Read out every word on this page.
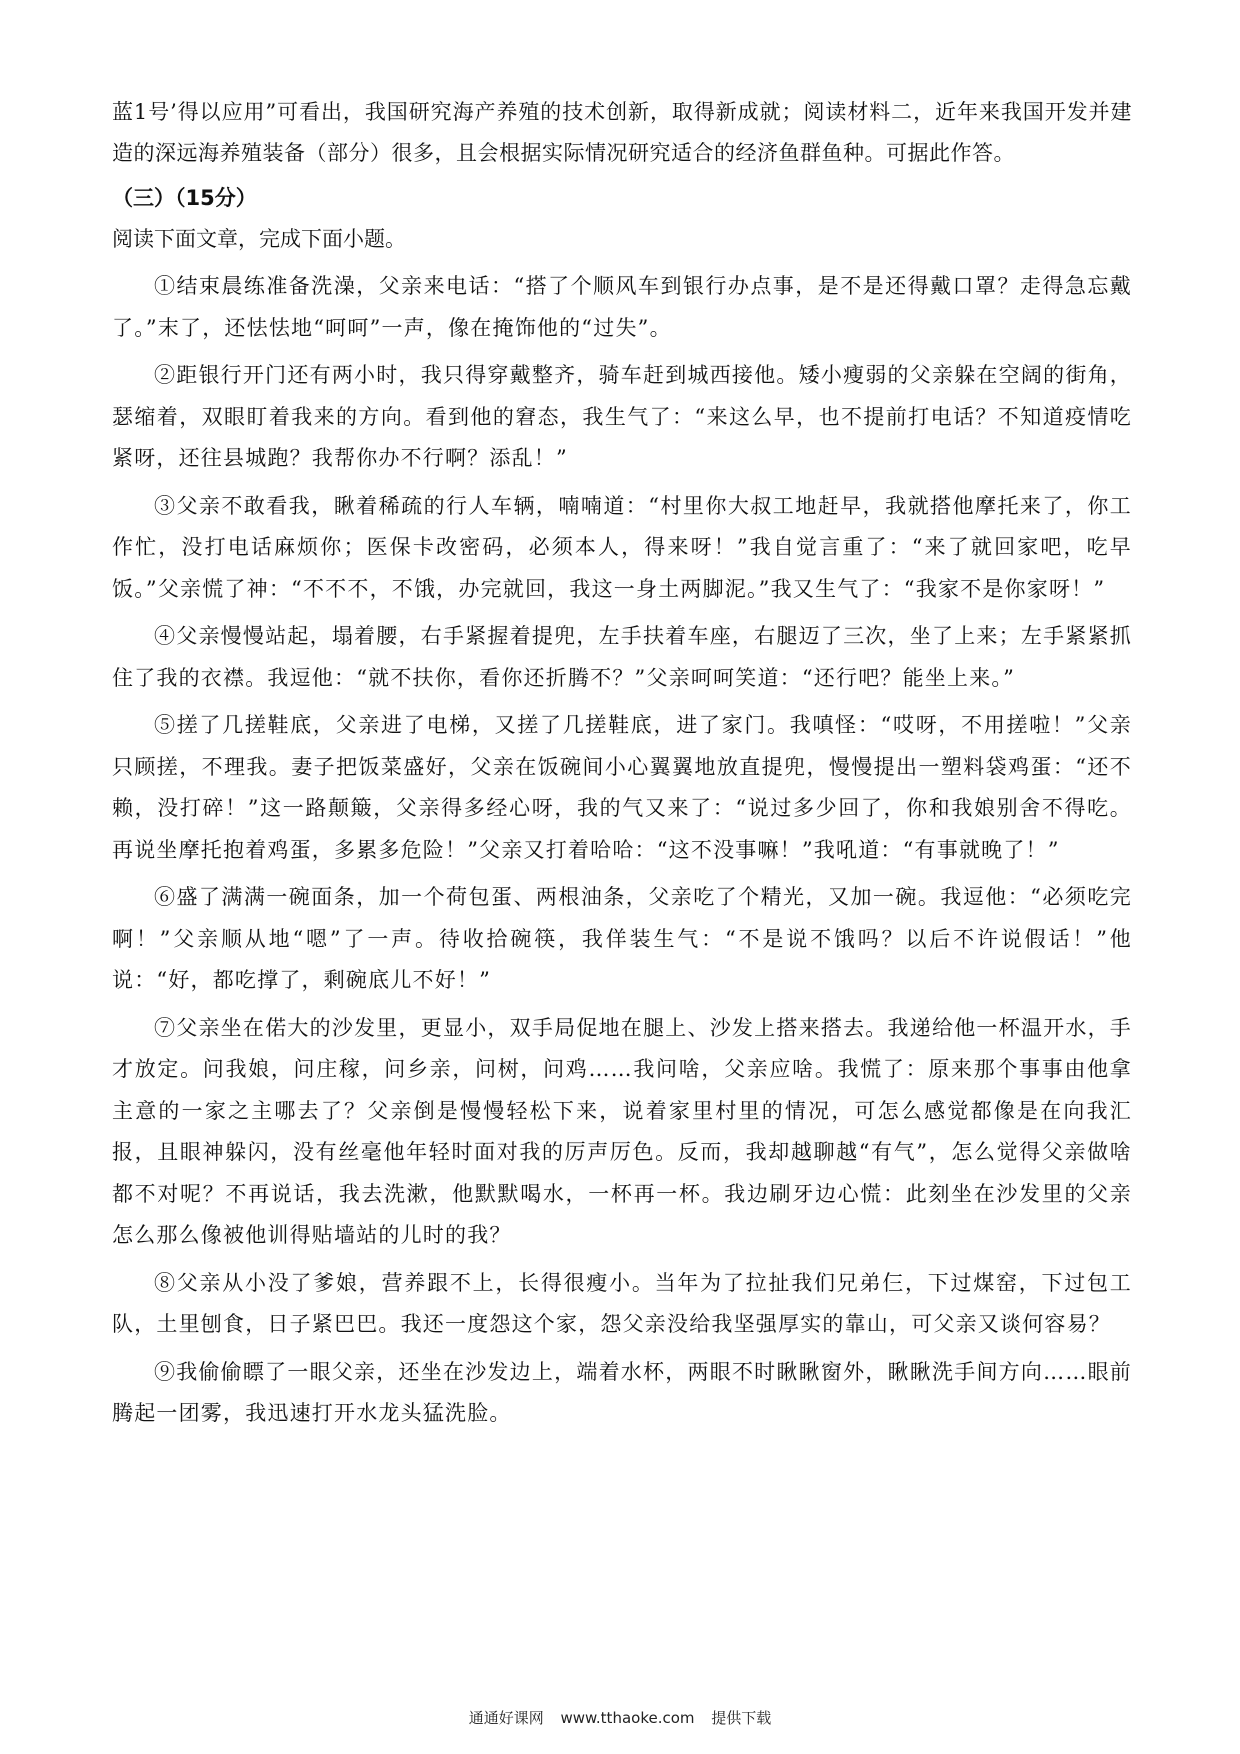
蓝1号’得以应用”可看出，我国研究海产养殖的技术创新，取得新成就；阅读材料二，近年来我国开发并建造的深远海养殖装备（部分）很多，且会根据实际情况研究适合的经济鱼群鱼种。可据此作答。

（三）（15分）

阅读下面文章，完成下面小题。

①结束晨练准备洗澡，父亲来电话：“搭了个顺风车到银行办点事，是不是还得戴口罩？走得急忘戴了。”末了，还怯怯地“呵呵”一声，像在掩饰他的“过失”。

②距银行开门还有两小时，我只得穿戴整齐，骑车赶到城西接他。矮小瘦弱的父亲躲在空阔的街角，瑟缩着，双眼盯着我来的方向。看到他的窘态，我生气了：“来这么早，也不提前打电话？不知道疫情吃紧呀，还往县城跑？我帮你办不行啊？添乱！”

③父亲不敢看我，瞅着稀疏的行人车辆，喃喃道：“村里你大叔工地赶早，我就搭他摩托来了，你工作忙，没打电话麻烦你；医保卡改密码，必须本人，得来呀！”我自觉言重了：“来了就回家吧，吃早饭。”父亲慌了神：“不不不，不饿，办完就回，我这一身土两脚泥。”我又生气了：“我家不是你家呀！”

④父亲慢慢站起，塌着腰，右手紧握着提兜，左手扶着车座，右腿迈了三次，坐了上来；左手紧紧抓住了我的衣襟。我逗他：“就不扶你，看你还折腾不？”父亲呵呵笑道：“还行吧？能坐上来。”

⑤搓了几搓鞋底，父亲进了电梯，又搓了几搓鞋底，进了家门。我嗔怪：“哎呀，不用搓啦！”父亲只顾搓，不理我。妻子把饭菜盛好，父亲在饭碗间小心翼翼地放直提兜，慢慢提出一塑料袋鸡蛋：“还不赖，没打碎！”这一路颠簸，父亲得多经心呀，我的气又来了：“说过多少回了，你和我娘别舍不得吃。再说坐摩托抱着鸡蛋，多累多危险！”父亲又打着哈哈：“这不没事嘛！”我吼道：“有事就晚了！”

⑥盛了满满一碗面条，加一个荷包蛋、两根油条，父亲吃了个精光，又加一碗。我逗他：“必须吃完啊！”父亲顺从地“嗯”了一声。待收拾碗筷，我佯装生气：“不是说不饿吗？以后不许说假话！”他说：“好，都吃撑了，剩碗底儿不好！”

⑦父亲坐在偌大的沙发里，更显小，双手局促地在腿上、沙发上搭来搭去。我递给他一杯温开水，手才放定。问我娘，问庄稼，问乡亲，问树，问鸡……我问啥，父亲应啥。我慌了：原来那个事事由他拿主意的一家之主哪去了？父亲倒是慢慢轻松下来，说着家里村里的情况，可怎么感觉都像是在向我汇报，且眼神躲闪，没有丝毫他年轻时面对我的厉声厉色。反而，我却越聊越“有气”，怎么觉得父亲做啥都不对呢？不再说话，我去洗漱，他默默喝水，一杯再一杯。我边刷牙边心慌：此刻坐在沙发里的父亲怎么那么像被他训得贴墙站的儿时的我？

⑧父亲从小没了爹娘，营养跟不上，长得很瘦小。当年为了拉扯我们兄弟仨，下过煤窑，下过包工队，土里刨食，日子紧巴巴。我还一度怨这个家，怨父亲没给我坚强厚实的靠山，可父亲又谈何容易？

⑨我偷偷瞟了一眼父亲，还坐在沙发边上，端着水杯，两眼不时瞅瞅窗外，瞅瞅洗手间方向……眼前腾起一团雾，我迅速打开水龙头猛洗脸。

通通好课网 www.tthaoke.com 提供下载
